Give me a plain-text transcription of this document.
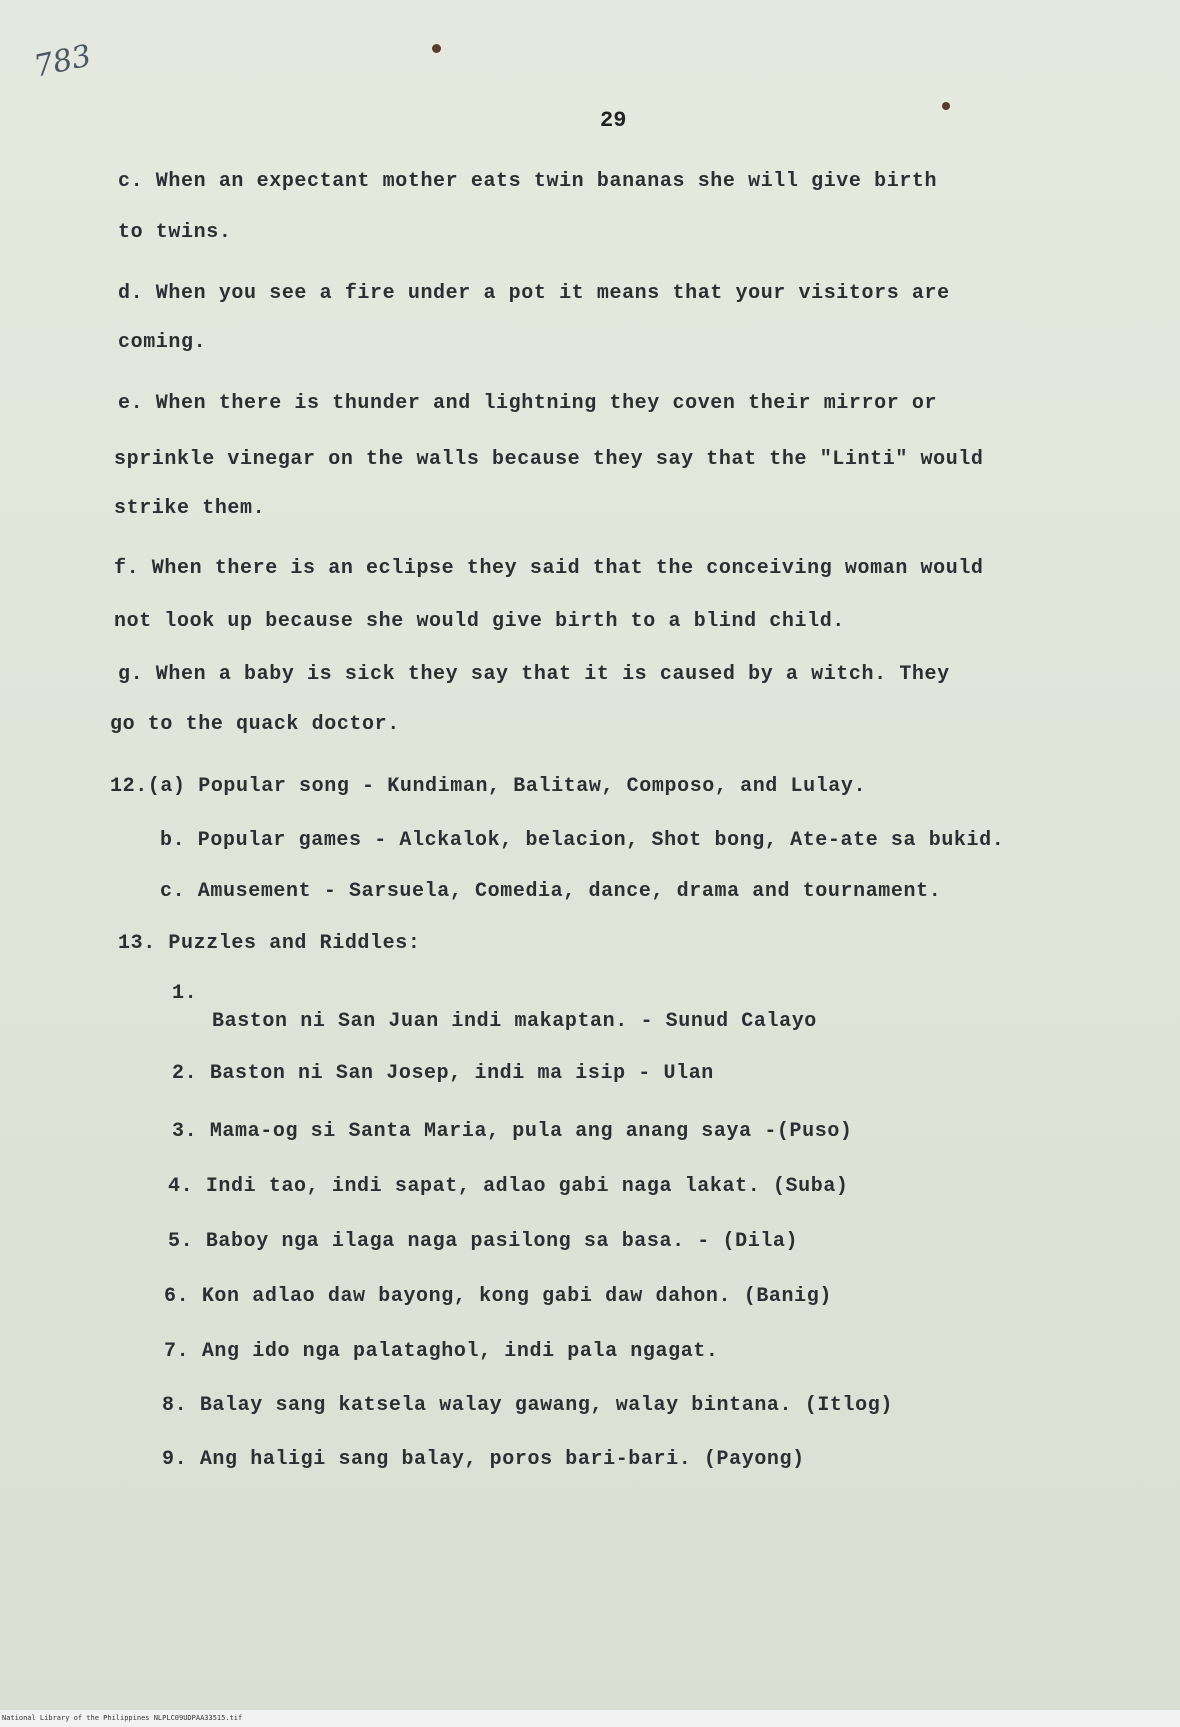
783
29
c. When an expectant mother eats twin bananas she will give birth
to twins.
d. When you see a fire under a pot it means that your visitors are
coming.
e. When there is thunder and lightning they coven their mirror or
sprinkle vinegar on the walls because they say that the "Linti" would
strike them.
f. When there is an eclipse they said that the conceiving woman would
not look up because she would give birth to a blind child.
g. When a baby is sick they say that it is caused by a witch. They
go to the quack doctor.
12.(a) Popular song - Kundiman, Balitaw, Composo, and Lulay.
b. Popular games - Alckalok, belacion, Shot bong, Ate-ate sa bukid.
c. Amusement - Sarsuela, Comedia, dance, drama and tournament.
13. Puzzles and Riddles:
1.
Baston ni San Juan indi makaptan. - Sunud Calayo
2. Baston ni San Josep, indi ma isip - Ulan
3. Mama-og si Santa Maria, pula ang anang saya -(Puso)
4. Indi tao, indi sapat, adlao gabi naga lakat. (Suba)
5. Baboy nga ilaga naga pasilong sa basa. - (Dila)
6. Kon adlao daw bayong, kong gabi daw dahon. (Banig)
7. Ang ido nga palataghol, indi pala ngagat.
8. Balay sang katsela walay gawang, walay bintana. (Itlog)
9. Ang haligi sang balay, poros bari-bari. (Payong)
National Library of the Philippines NLPLC09UDPAA33515.tif
